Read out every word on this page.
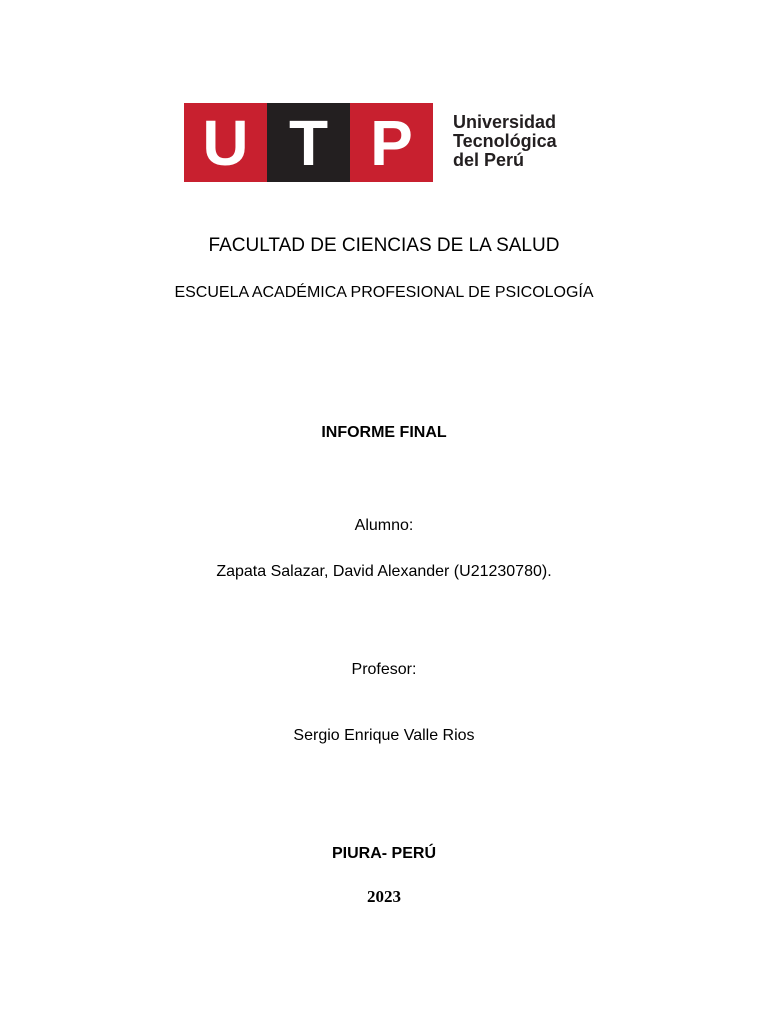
U T P	Universidad
Tecnológica
del Perú
FACULTAD DE CIENCIAS DE LA SALUD
ESCUELA ACADÉMICA PROFESIONAL DE PSICOLOGÍA
INFORME FINAL
Alumno:
Zapata Salazar, David Alexander (U21230780).
Profesor:
Sergio Enrique Valle Rios
PIURA- PERÚ
2023
